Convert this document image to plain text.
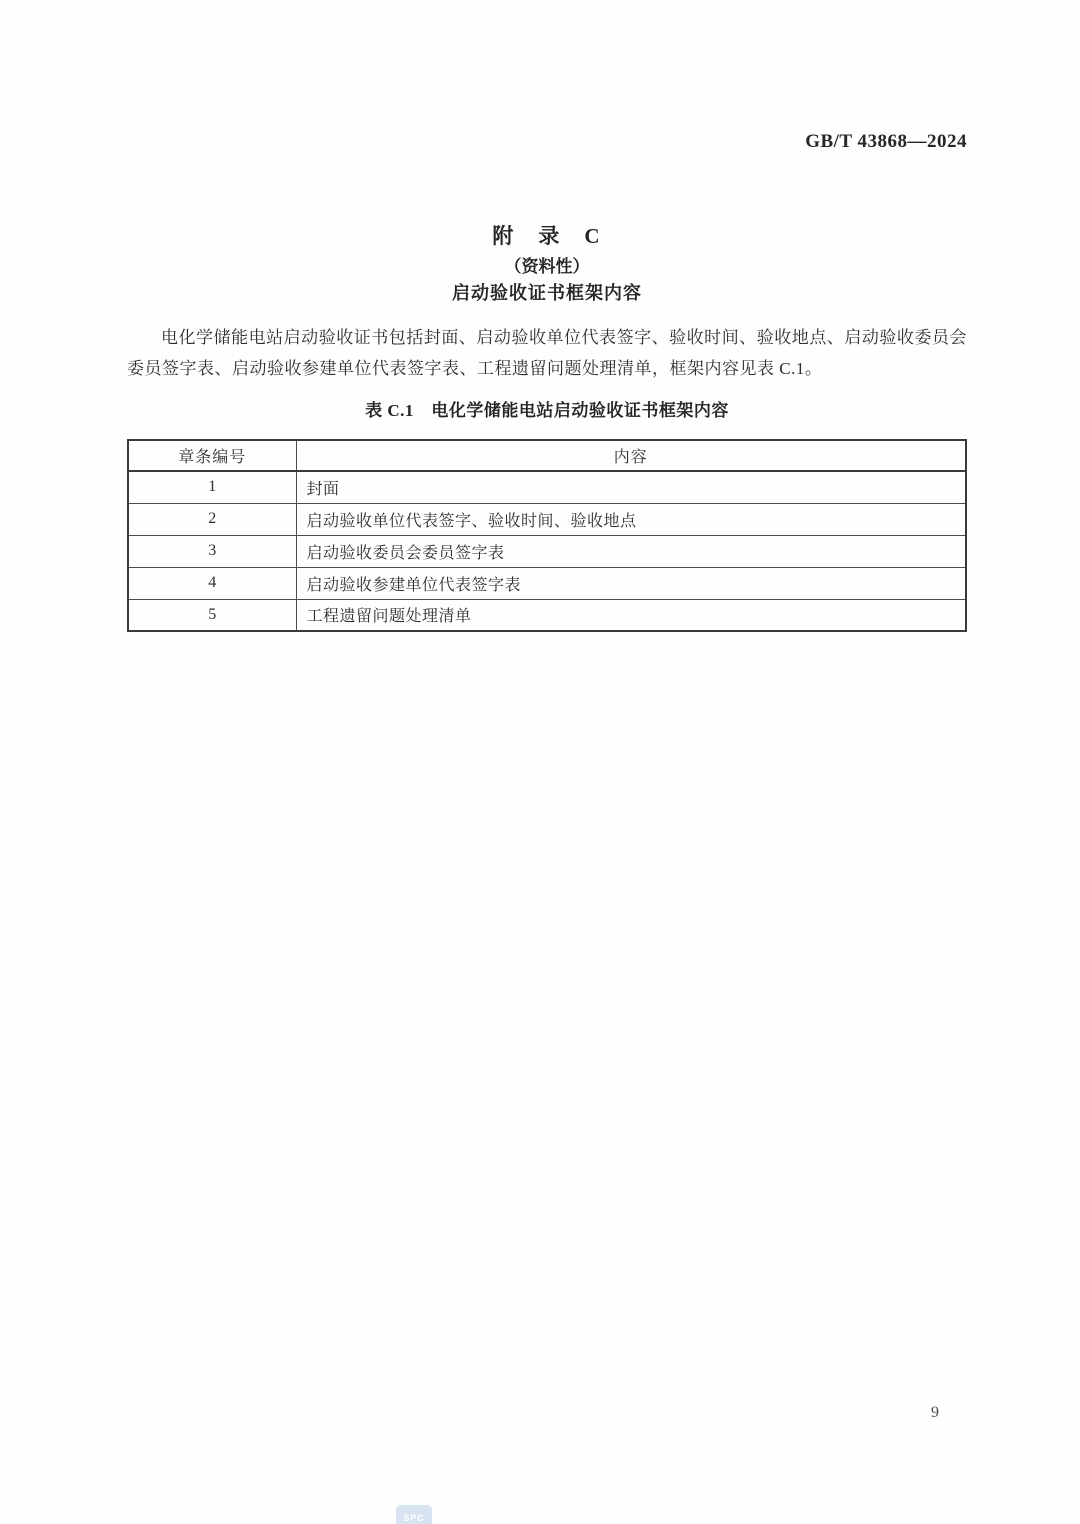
GB/T 43868—2024
附　录　C
（资料性）
启动验收证书框架内容

电化学储能电站启动验收证书包括封面、启动验收单位代表签字、验收时间、验收地点、启动验收委员会委员签字表、启动验收参建单位代表签字表、工程遗留问题处理清单，框架内容见表 C.1。

表 C.1　电化学储能电站启动验收证书框架内容
章条编号	内容
1	封面
2	启动验收单位代表签字、验收时间、验收地点
3	启动验收委员会委员签字表
4	启动验收参建单位代表签字表
5	工程遗留问题处理清单
9
SPC
